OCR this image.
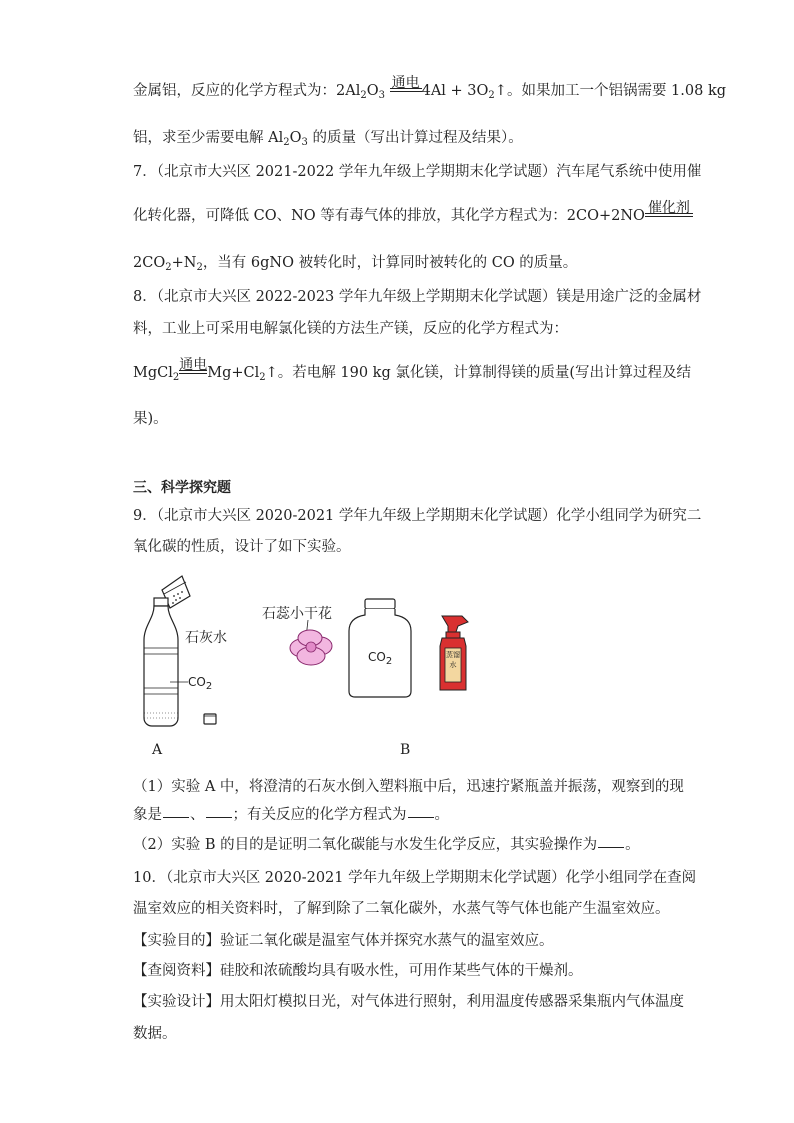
金属铝，反应的化学方程式为：$2Al_2O_3$
通电
$4Al + 3O_2↑$。如果加工一个铝锅需要 1.08 kg
铝，求至少需要电解 $Al_2O_3$ 的质量（写出计算过程及结果）。
7．（北京市大兴区 2021-2022 学年九年级上学期期末化学试题）汽车尾气系统中使用催
化转化器，可降低 CO、NO 等有毒气体的排放，其化学方程式为：2CO+2NO
催化剂
$2CO_2+N_2$，当有 6gNO 被转化时，计算同时被转化的 CO 的质量。
8．（北京市大兴区 2022-2023 学年九年级上学期期末化学试题）镁是用途广泛的金属材
料，工业上可采用电解氯化镁的方法生产镁，反应的化学方程式为：
MgCl$_2$
通电
$Mg+Cl_2↑$。若电解 190 kg 氯化镁，计算制得镁的质量(写出计算过程及结
果)。
三、科学探究题
9．（北京市大兴区 2020-2021 学年九年级上学期期末化学试题）化学小组同学为研究二
氧化碳的性质，设计了如下实验。
石灰水
$CO_2$
石蕊小干花
$CO_2$
蒸馏水
A	B
（1）实验 A 中，将澄清的石灰水倒入塑料瓶中后，迅速拧紧瓶盖并振荡，观察到的现
象是 、 ；有关反应的化学方程式为 。
（2）实验 B 的目的是证明二氧化碳能与水发生化学反应，其实验操作为 。
10．（北京市大兴区 2020-2021 学年九年级上学期期末化学试题）化学小组同学在查阅
温室效应的相关资料时，了解到除了二氧化碳外，水蒸气等气体也能产生温室效应。
【实验目的】验证二氧化碳是温室气体并探究水蒸气的温室效应。
【查阅资料】硅胶和浓硫酸均具有吸水性，可用作某些气体的干燥剂。
【实验设计】用太阳灯模拟日光，对气体进行照射，利用温度传感器采集瓶内气体温度
数据。
